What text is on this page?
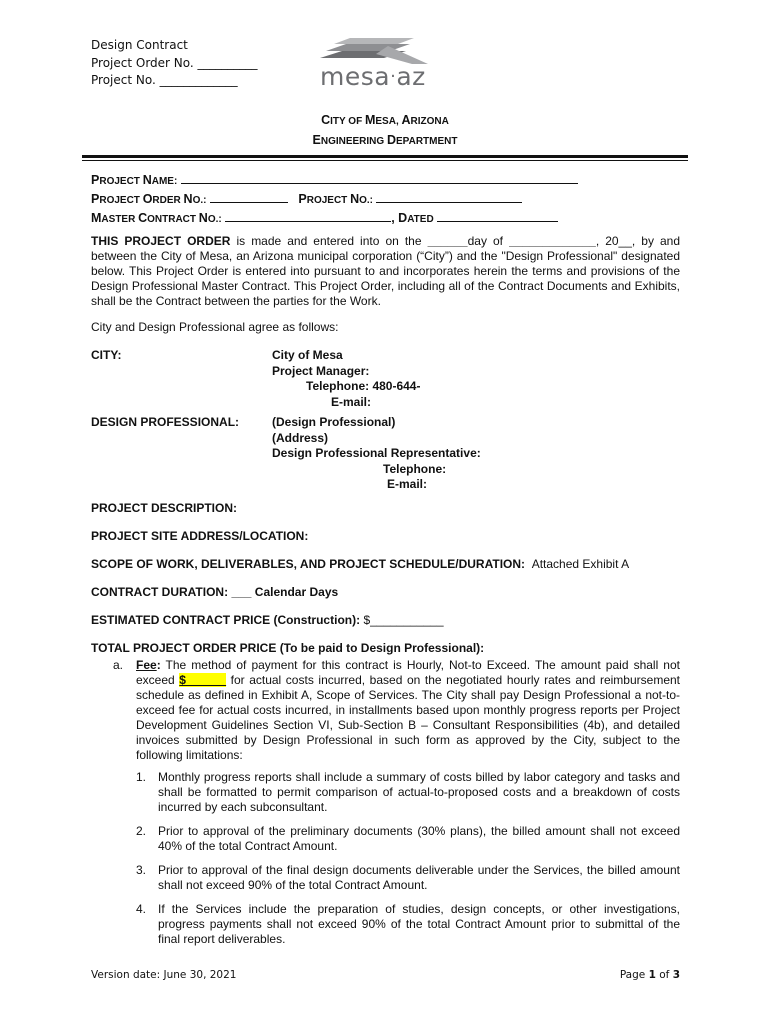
Design Contract
Project Order No. __________
Project No. _____________	mesa·az
CITY OF MESA, ARIZONA
ENGINEERING DEPARTMENT
PROJECT NAME:
PROJECT ORDER NO.:	PROJECT NO.:
MASTER CONTRACT NO.:	, DATED
THIS PROJECT ORDER is made and entered into on the ______day of _____________, 20__, by and between the City of Mesa, an Arizona municipal corporation (“City”) and the "Design Professional" designated below. This Project Order is entered into pursuant to and incorporates herein the terms and provisions of the Design Professional Master Contract. This Project Order, including all of the Contract Documents and Exhibits, shall be the Contract between the parties for the Work.
City and Design Professional agree as follows:
CITY:	City of Mesa
Project Manager:
Telephone: 480-644-
E-mail:
DESIGN PROFESSIONAL:	(Design Professional)
(Address)
Design Professional Representative:
Telephone:
E-mail:
PROJECT DESCRIPTION:
PROJECT SITE ADDRESS/LOCATION:
SCOPE OF WORK, DELIVERABLES, AND PROJECT SCHEDULE/DURATION: Attached Exhibit A
CONTRACT DURATION: ___ Calendar Days
ESTIMATED CONTRACT PRICE (Construction): $___________
TOTAL PROJECT ORDER PRICE (To be paid to Design Professional):
a. Fee: The method of payment for this contract is Hourly, Not-to Exceed. The amount paid shall not exceed $______ for actual costs incurred, based on the negotiated hourly rates and reimbursement schedule as defined in Exhibit A, Scope of Services. The City shall pay Design Professional a not-to-exceed fee for actual costs incurred, in installments based upon monthly progress reports per Project Development Guidelines Section VI, Sub-Section B – Consultant Responsibilities (4b), and detailed invoices submitted by Design Professional in such form as approved by the City, subject to the following limitations:
1. Monthly progress reports shall include a summary of costs billed by labor category and tasks and shall be formatted to permit comparison of actual-to-proposed costs and a breakdown of costs incurred by each subconsultant.
2. Prior to approval of the preliminary documents (30% plans), the billed amount shall not exceed 40% of the total Contract Amount.
3. Prior to approval of the final design documents deliverable under the Services, the billed amount shall not exceed 90% of the total Contract Amount.
4. If the Services include the preparation of studies, design concepts, or other investigations, progress payments shall not exceed 90% of the total Contract Amount prior to submittal of the final report deliverables.
Version date: June 30, 2021	Page 1 of 3
